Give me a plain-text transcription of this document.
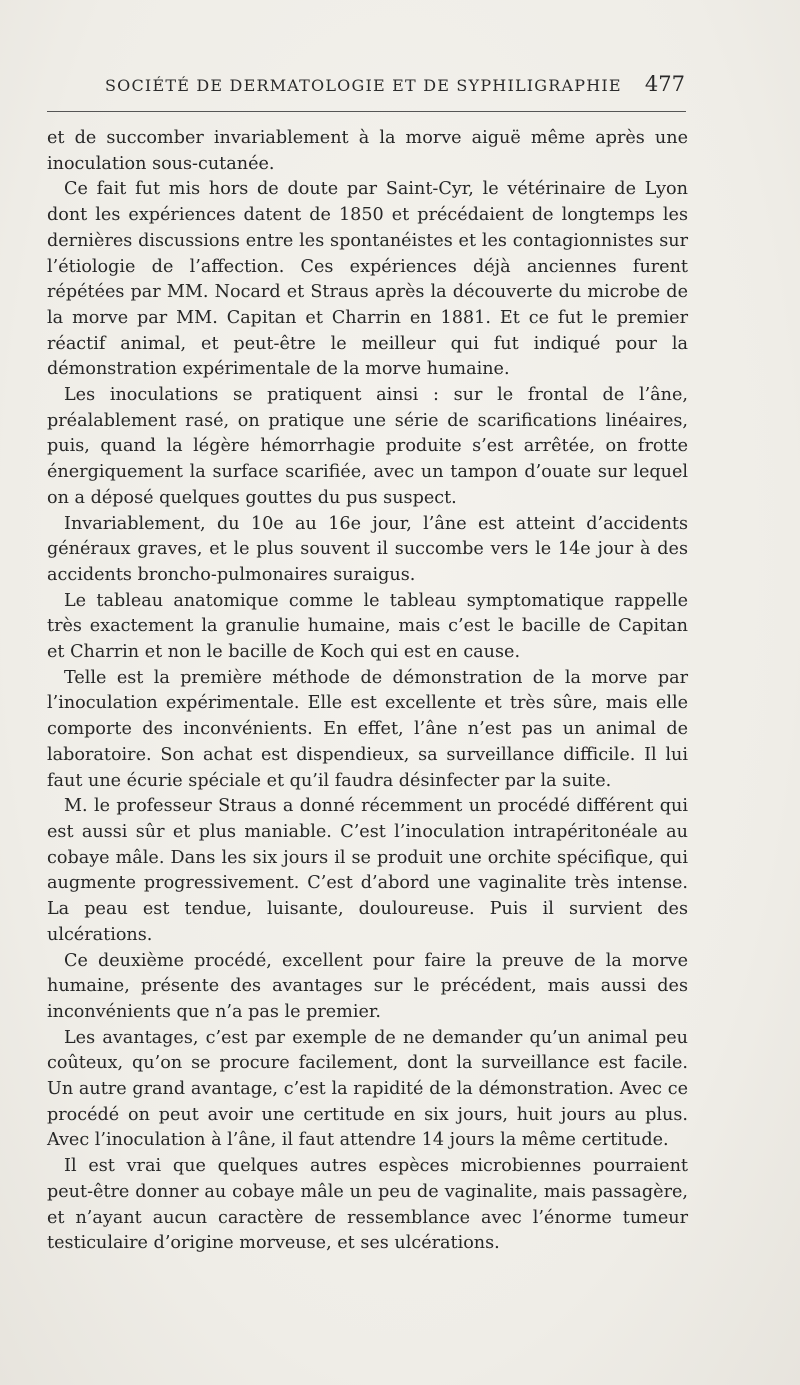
SOCIÉTÉ DE DERMATOLOGIE ET DE SYPHILIGRAPHIE 477

et de succomber invariablement à la morve aiguë même après une inoculation sous-cutanée.

Ce fait fut mis hors de doute par Saint-Cyr, le vétérinaire de Lyon dont les expériences datent de 1850 et précédaient de longtemps les dernières discussions entre les spontanéistes et les contagionnistes sur l’étiologie de l’affection. Ces expériences déjà anciennes furent répétées par MM. Nocard et Straus après la découverte du microbe de la morve par MM. Capitan et Charrin en 1881. Et ce fut le premier réactif animal, et peut-être le meilleur qui fut indiqué pour la démonstration expérimentale de la morve humaine.

Les inoculations se pratiquent ainsi : sur le frontal de l’âne, préalablement rasé, on pratique une série de scarifications linéaires, puis, quand la légère hémorrhagie produite s’est arrêtée, on frotte énergiquement la surface scarifiée, avec un tampon d’ouate sur lequel on a déposé quelques gouttes du pus suspect.

Invariablement, du 10e au 16e jour, l’âne est atteint d’accidents généraux graves, et le plus souvent il succombe vers le 14e jour à des accidents broncho-pulmonaires suraigus.

Le tableau anatomique comme le tableau symptomatique rappelle très exactement la granulie humaine, mais c’est le bacille de Capitan et Charrin et non le bacille de Koch qui est en cause.

Telle est la première méthode de démonstration de la morve par l’inoculation expérimentale. Elle est excellente et très sûre, mais elle comporte des inconvénients. En effet, l’âne n’est pas un animal de laboratoire. Son achat est dispendieux, sa surveillance difficile. Il lui faut une écurie spéciale et qu’il faudra désinfecter par la suite.

M. le professeur Straus a donné récemment un procédé différent qui est aussi sûr et plus maniable. C’est l’inoculation intrapéritonéale au cobaye mâle. Dans les six jours il se produit une orchite spécifique, qui augmente progressivement. C’est d’abord une vaginalite très intense. La peau est tendue, luisante, douloureuse. Puis il survient des ulcérations.

Ce deuxième procédé, excellent pour faire la preuve de la morve humaine, présente des avantages sur le précédent, mais aussi des inconvénients que n’a pas le premier.

Les avantages, c’est par exemple de ne demander qu’un animal peu coûteux, qu’on se procure facilement, dont la surveillance est facile. Un autre grand avantage, c’est la rapidité de la démonstration. Avec ce procédé on peut avoir une certitude en six jours, huit jours au plus. Avec l’inoculation à l’âne, il faut attendre 14 jours la même certitude.

Il est vrai que quelques autres espèces microbiennes pourraient peut-être donner au cobaye mâle un peu de vaginalite, mais passagère, et n’ayant aucun caractère de ressemblance avec l’énorme tumeur testiculaire d’origine morveuse, et ses ulcérations.
